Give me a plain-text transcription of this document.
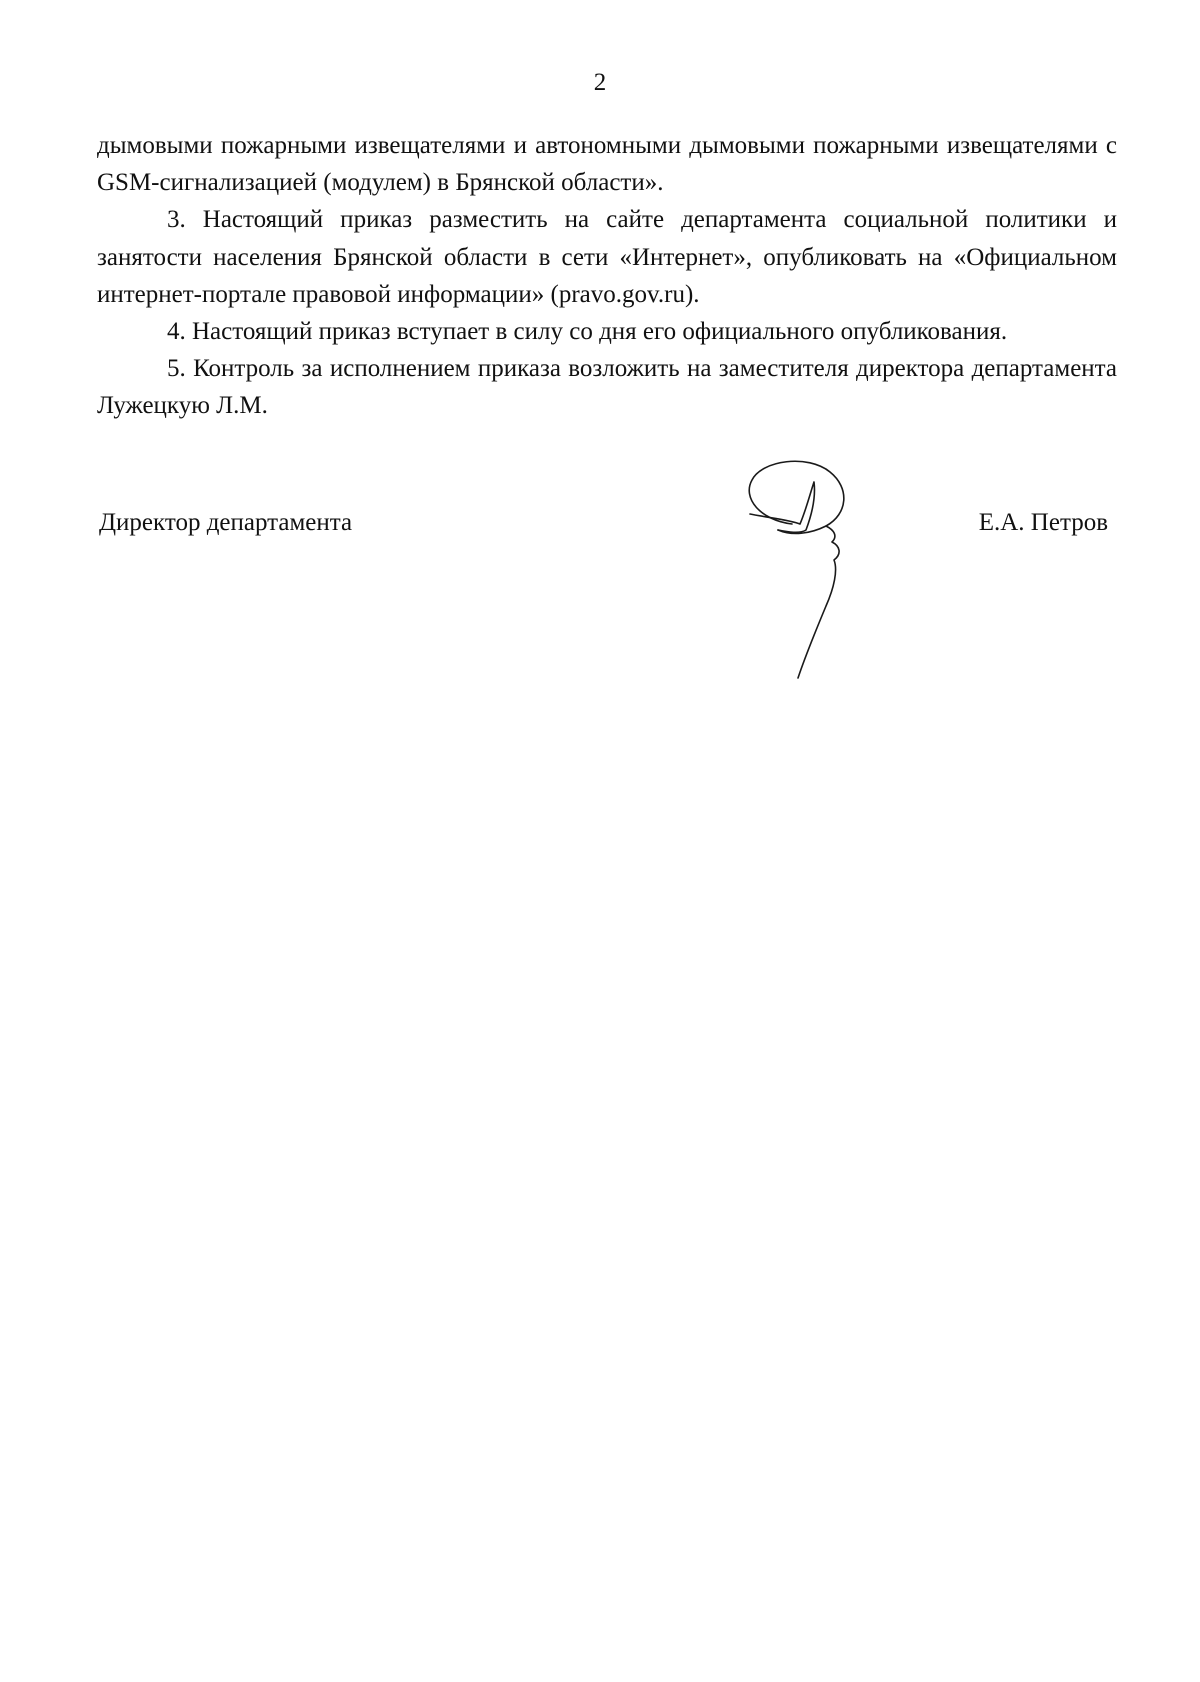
2

дымовыми пожарными извещателями и автономными дымовыми пожарными извещателями с GSM-сигнализацией (модулем) в Брянской области».

3. Настоящий приказ разместить на сайте департамента социальной политики и занятости населения Брянской области в сети «Интернет», опубликовать на «Официальном интернет-портале правовой информации» (pravo.gov.ru).

4. Настоящий приказ вступает в силу со дня его официального опубликования.

5. Контроль за исполнением приказа возложить на заместителя директора департамента Лужецкую Л.М.

Директор департамента	Е.А. Петров
